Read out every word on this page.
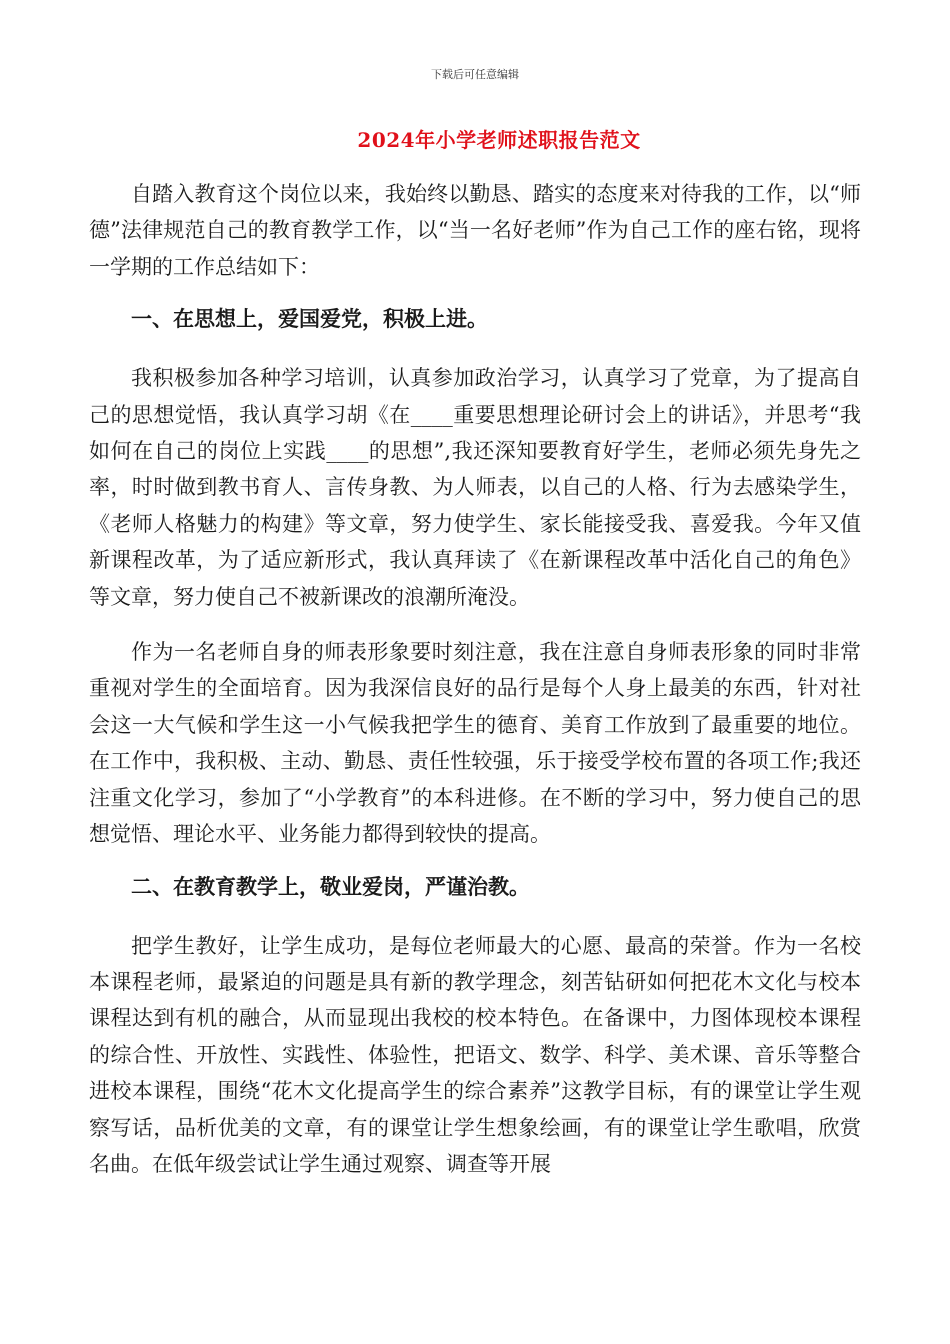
下载后可任意编辑
2024年小学老师述职报告范文

自踏入教育这个岗位以来，我始终以勤恳、踏实的态度来对待我的工作，以“师德”法律规范自己的教育教学工作，以“当一名好老师”作为自己工作的座右铭，现将一学期的工作总结如下：

一、在思想上，爱国爱党，积极上进。

我积极参加各种学习培训，认真参加政治学习，认真学习了党章，为了提高自己的思想觉悟，我认真学习胡《在____重要思想理论研讨会上的讲话》，并思考“我如何在自己的岗位上实践____的思想”,我还深知要教育好学生，老师必须先身先之率，时时做到教书育人、言传身教、为人师表，以自己的人格、行为去感染学生，《老师人格魅力的构建》等文章，努力使学生、家长能接受我、喜爱我。今年又值新课程改革，为了适应新形式，我认真拜读了《在新课程改革中活化自己的角色》等文章，努力使自己不被新课改的浪潮所淹没。

作为一名老师自身的师表形象要时刻注意，我在注意自身师表形象的同时非常重视对学生的全面培育。因为我深信良好的品行是每个人身上最美的东西，针对社会这一大气候和学生这一小气候我把学生的德育、美育工作放到了最重要的地位。在工作中，我积极、主动、勤恳、责任性较强，乐于接受学校布置的各项工作;我还注重文化学习，参加了“小学教育”的本科进修。在不断的学习中，努力使自己的思想觉悟、理论水平、业务能力都得到较快的提高。

二、在教育教学上，敬业爱岗，严谨治教。

把学生教好，让学生成功，是每位老师最大的心愿、最高的荣誉。作为一名校本课程老师，最紧迫的问题是具有新的教学理念，刻苦钻研如何把花木文化与校本课程达到有机的融合，从而显现出我校的校本特色。在备课中，力图体现校本课程的综合性、开放性、实践性、体验性，把语文、数学、科学、美术课、音乐等整合进校本课程，围绕“花木文化提高学生的综合素养”这教学目标，有的课堂让学生观察写话，品析优美的文章，有的课堂让学生想象绘画，有的课堂让学生歌唱，欣赏名曲。在低年级尝试让学生通过观察、调查等开展
